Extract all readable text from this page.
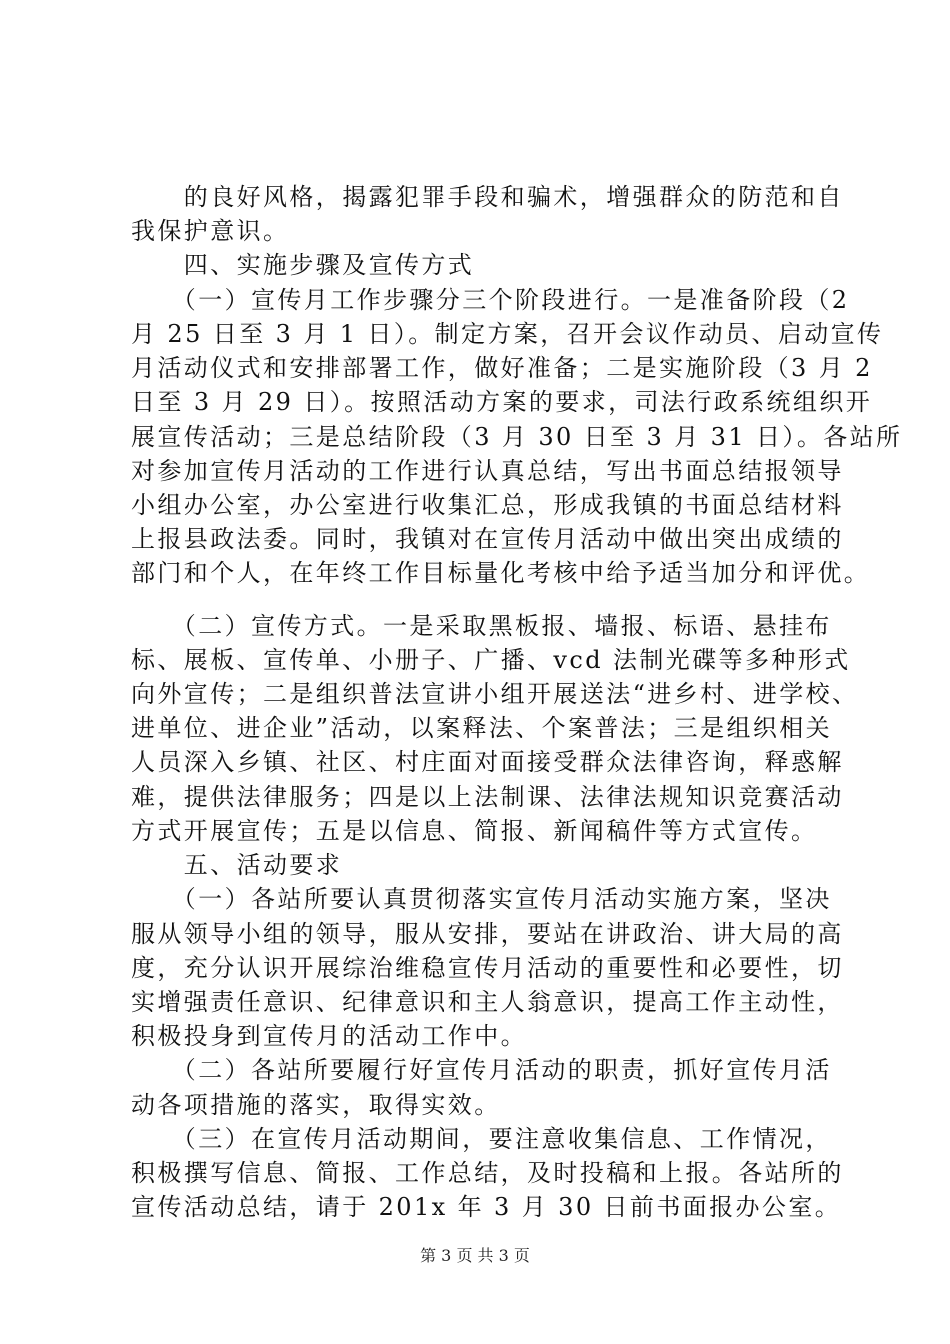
　　的良好风格，揭露犯罪手段和骗术，增强群众的防范和自
我保护意识。
　　四、实施步骤及宣传方式
　　（一）宣传月工作步骤分三个阶段进行。一是准备阶段（2
月 25 日至 3 月 1 日）。制定方案，召开会议作动员、启动宣传
月活动仪式和安排部署工作，做好准备；二是实施阶段（3 月 2
日至 3 月 29 日）。按照活动方案的要求，司法行政系统组织开
展宣传活动；三是总结阶段（3 月 30 日至 3 月 31 日）。各站所
对参加宣传月活动的工作进行认真总结，写出书面总结报领导
小组办公室，办公室进行收集汇总，形成我镇的书面总结材料
上报县政法委。同时，我镇对在宣传月活动中做出突出成绩的
部门和个人，在年终工作目标量化考核中给予适当加分和评优。
　　（二）宣传方式。一是采取黑板报、墙报、标语、悬挂布
标、展板、宣传单、小册子、广播、vcd 法制光碟等多种形式
向外宣传；二是组织普法宣讲小组开展送法“进乡村、进学校、
进单位、进企业”活动，以案释法、个案普法；三是组织相关
人员深入乡镇、社区、村庄面对面接受群众法律咨询，释惑解
难，提供法律服务；四是以上法制课、法律法规知识竞赛活动
方式开展宣传；五是以信息、简报、新闻稿件等方式宣传。
　　五、活动要求
　　（一）各站所要认真贯彻落实宣传月活动实施方案，坚决
服从领导小组的领导，服从安排，要站在讲政治、讲大局的高
度，充分认识开展综治维稳宣传月活动的重要性和必要性，切
实增强责任意识、纪律意识和主人翁意识，提高工作主动性，
积极投身到宣传月的活动工作中。
　　（二）各站所要履行好宣传月活动的职责，抓好宣传月活
动各项措施的落实，取得实效。
　　（三）在宣传月活动期间，要注意收集信息、工作情况，
积极撰写信息、简报、工作总结，及时投稿和上报。各站所的
宣传活动总结，请于 201x 年 3 月 30 日前书面报办公室。
第 3 页 共 3 页
